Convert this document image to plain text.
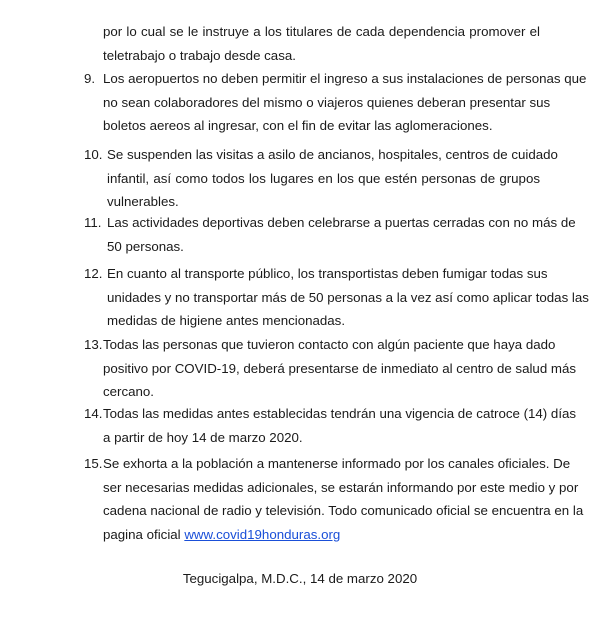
por lo cual se le instruye a los titulares de cada dependencia promover el
teletrabajo o trabajo desde casa.
9. Los aeropuertos no deben permitir el ingreso a sus instalaciones de personas que
no sean colaboradores del mismo o viajeros quienes deberan presentar sus
boletos aereos al ingresar, con el fin de evitar las aglomeraciones.
10. Se suspenden las visitas a asilo de ancianos, hospitales, centros de cuidado
infantil, así como todos los lugares en los que estén personas de grupos
vulnerables.
11. Las actividades deportivas deben celebrarse a puertas cerradas con no más de
50 personas.
12. En cuanto al transporte público, los transportistas deben fumigar todas sus
unidades y no transportar más de 50 personas a la vez así como aplicar todas las
medidas de higiene antes mencionadas.
13. Todas las personas que tuvieron contacto con algún paciente que haya dado
positivo por COVID-19, deberá presentarse de inmediato al centro de salud más
cercano.
14. Todas las medidas antes establecidas tendrán una vigencia de catroce (14) días
a partir de hoy 14 de marzo 2020.
15. Se exhorta a la población a mantenerse informado por los canales oficiales. De
ser necesarias medidas adicionales, se estarán informando por este medio y por
cadena nacional de radio y televisión. Todo comunicado oficial se encuentra en la
pagina oficial www.covid19honduras.org
Tegucigalpa, M.D.C., 14 de marzo 2020
